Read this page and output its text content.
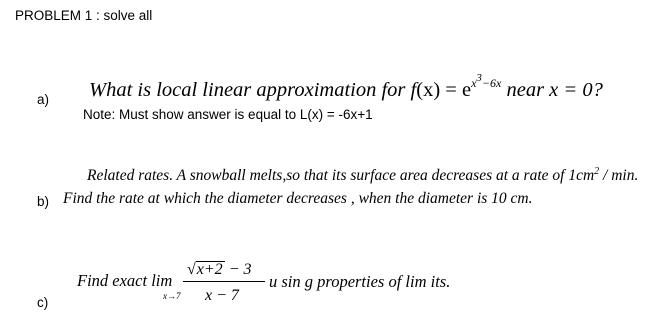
PROBLEM 1 : solve all
a)
b)
c)
What is local linear approximation for $f(x) = e^{x3-6x}$ near x = 0?
Note: Must show answer is equal to L(x) = -6x+1
Related rates. A snowball melts,so that its surface area decreases at a rate of $1cm^2$ / min.
Find the rate at which the diameter decreases , when the diameter is 10 cm.
Find exact lim
x→7
√x+2 − 3
x − 7
u sin g properties of lim its.
